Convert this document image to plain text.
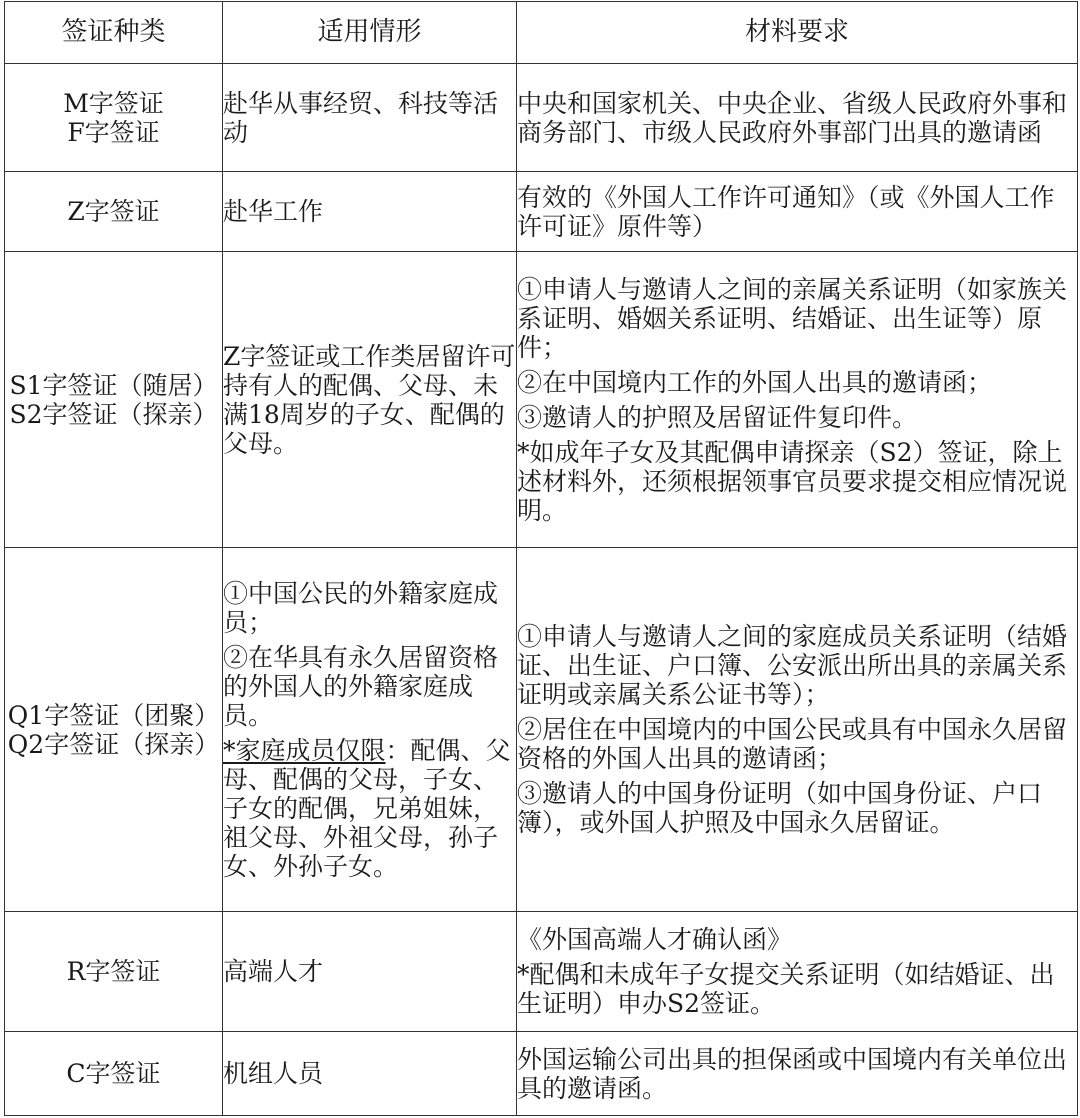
签证种类	适用情形	材料要求

M字签证
F字签证	赴华从事经贸、科技等活动	中央和国家机关、中央企业、省级人民政府外事和商务部门、市级人民政府外事部门出具的邀请函

Z字签证	赴华工作	有效的《外国人工作许可通知》（或《外国人工作许可证》原件等）

S1字签证（随居）
S2字签证（探亲）	Z字签证或工作类居留许可持有人的配偶、父母、未满18周岁的子女、配偶的父母。	①申请人与邀请人之间的亲属关系证明（如家族关系证明、婚姻关系证明、结婚证、出生证等）原件；
②在中国境内工作的外国人出具的邀请函；
③邀请人的护照及居留证件复印件。
*如成年子女及其配偶申请探亲（S2）签证，除上述材料外，还须根据领事官员要求提交相应情况说明。

Q1字签证（团聚）
Q2字签证（探亲）	①中国公民的外籍家庭成员；
②在华具有永久居留资格的外国人的外籍家庭成员。
*家庭成员仅限：配偶、父母、配偶的父母，子女、子女的配偶，兄弟姐妹，祖父母、外祖父母，孙子女、外孙子女。	①申请人与邀请人之间的家庭成员关系证明（结婚证、出生证、户口簿、公安派出所出具的亲属关系证明或亲属关系公证书等）；
②居住在中国境内的中国公民或具有中国永久居留资格的外国人出具的邀请函；
③邀请人的中国身份证明（如中国身份证、户口簿），或外国人护照及中国永久居留证。

R字签证	高端人才	《外国高端人才确认函》
*配偶和未成年子女提交关系证明（如结婚证、出生证明）申办S2签证。

C字签证	机组人员	外国运输公司出具的担保函或中国境内有关单位出具的邀请函。
